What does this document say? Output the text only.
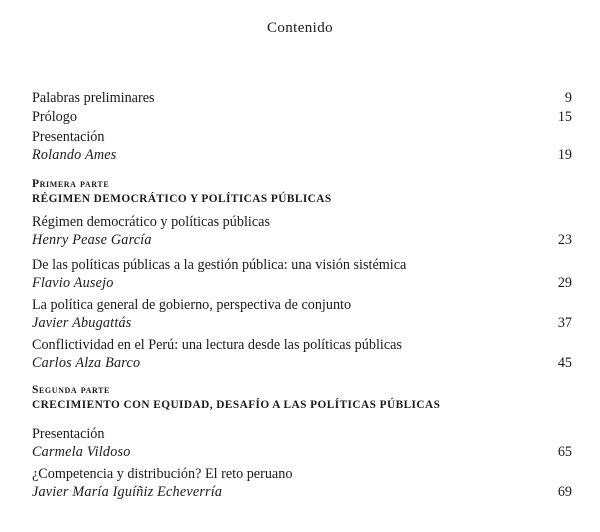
Contenido
Palabras preliminares	9
Prólogo	15
Presentación
Rolando Ames	19
Primera parte
RÉGIMEN DEMOCRÁTICO Y POLÍTICAS PÚBLICAS
Régimen democrático y políticas públicas
Henry Pease García	23
De las políticas públicas a la gestión pública: una visión sistémica
Flavio Ausejo	29
La política general de gobierno, perspectiva de conjunto
Javier Abugattás	37
Conflictividad en el Perú: una lectura desde las políticas públicas
Carlos Alza Barco	45
Segunda parte
CRECIMIENTO CON EQUIDAD, DESAFÍO A LAS POLÍTICAS PÚBLICAS
Presentación
Carmela Vildoso	65
¿Competencia y distribución? El reto peruano
Javier María Iguíñiz Echeverría	69
